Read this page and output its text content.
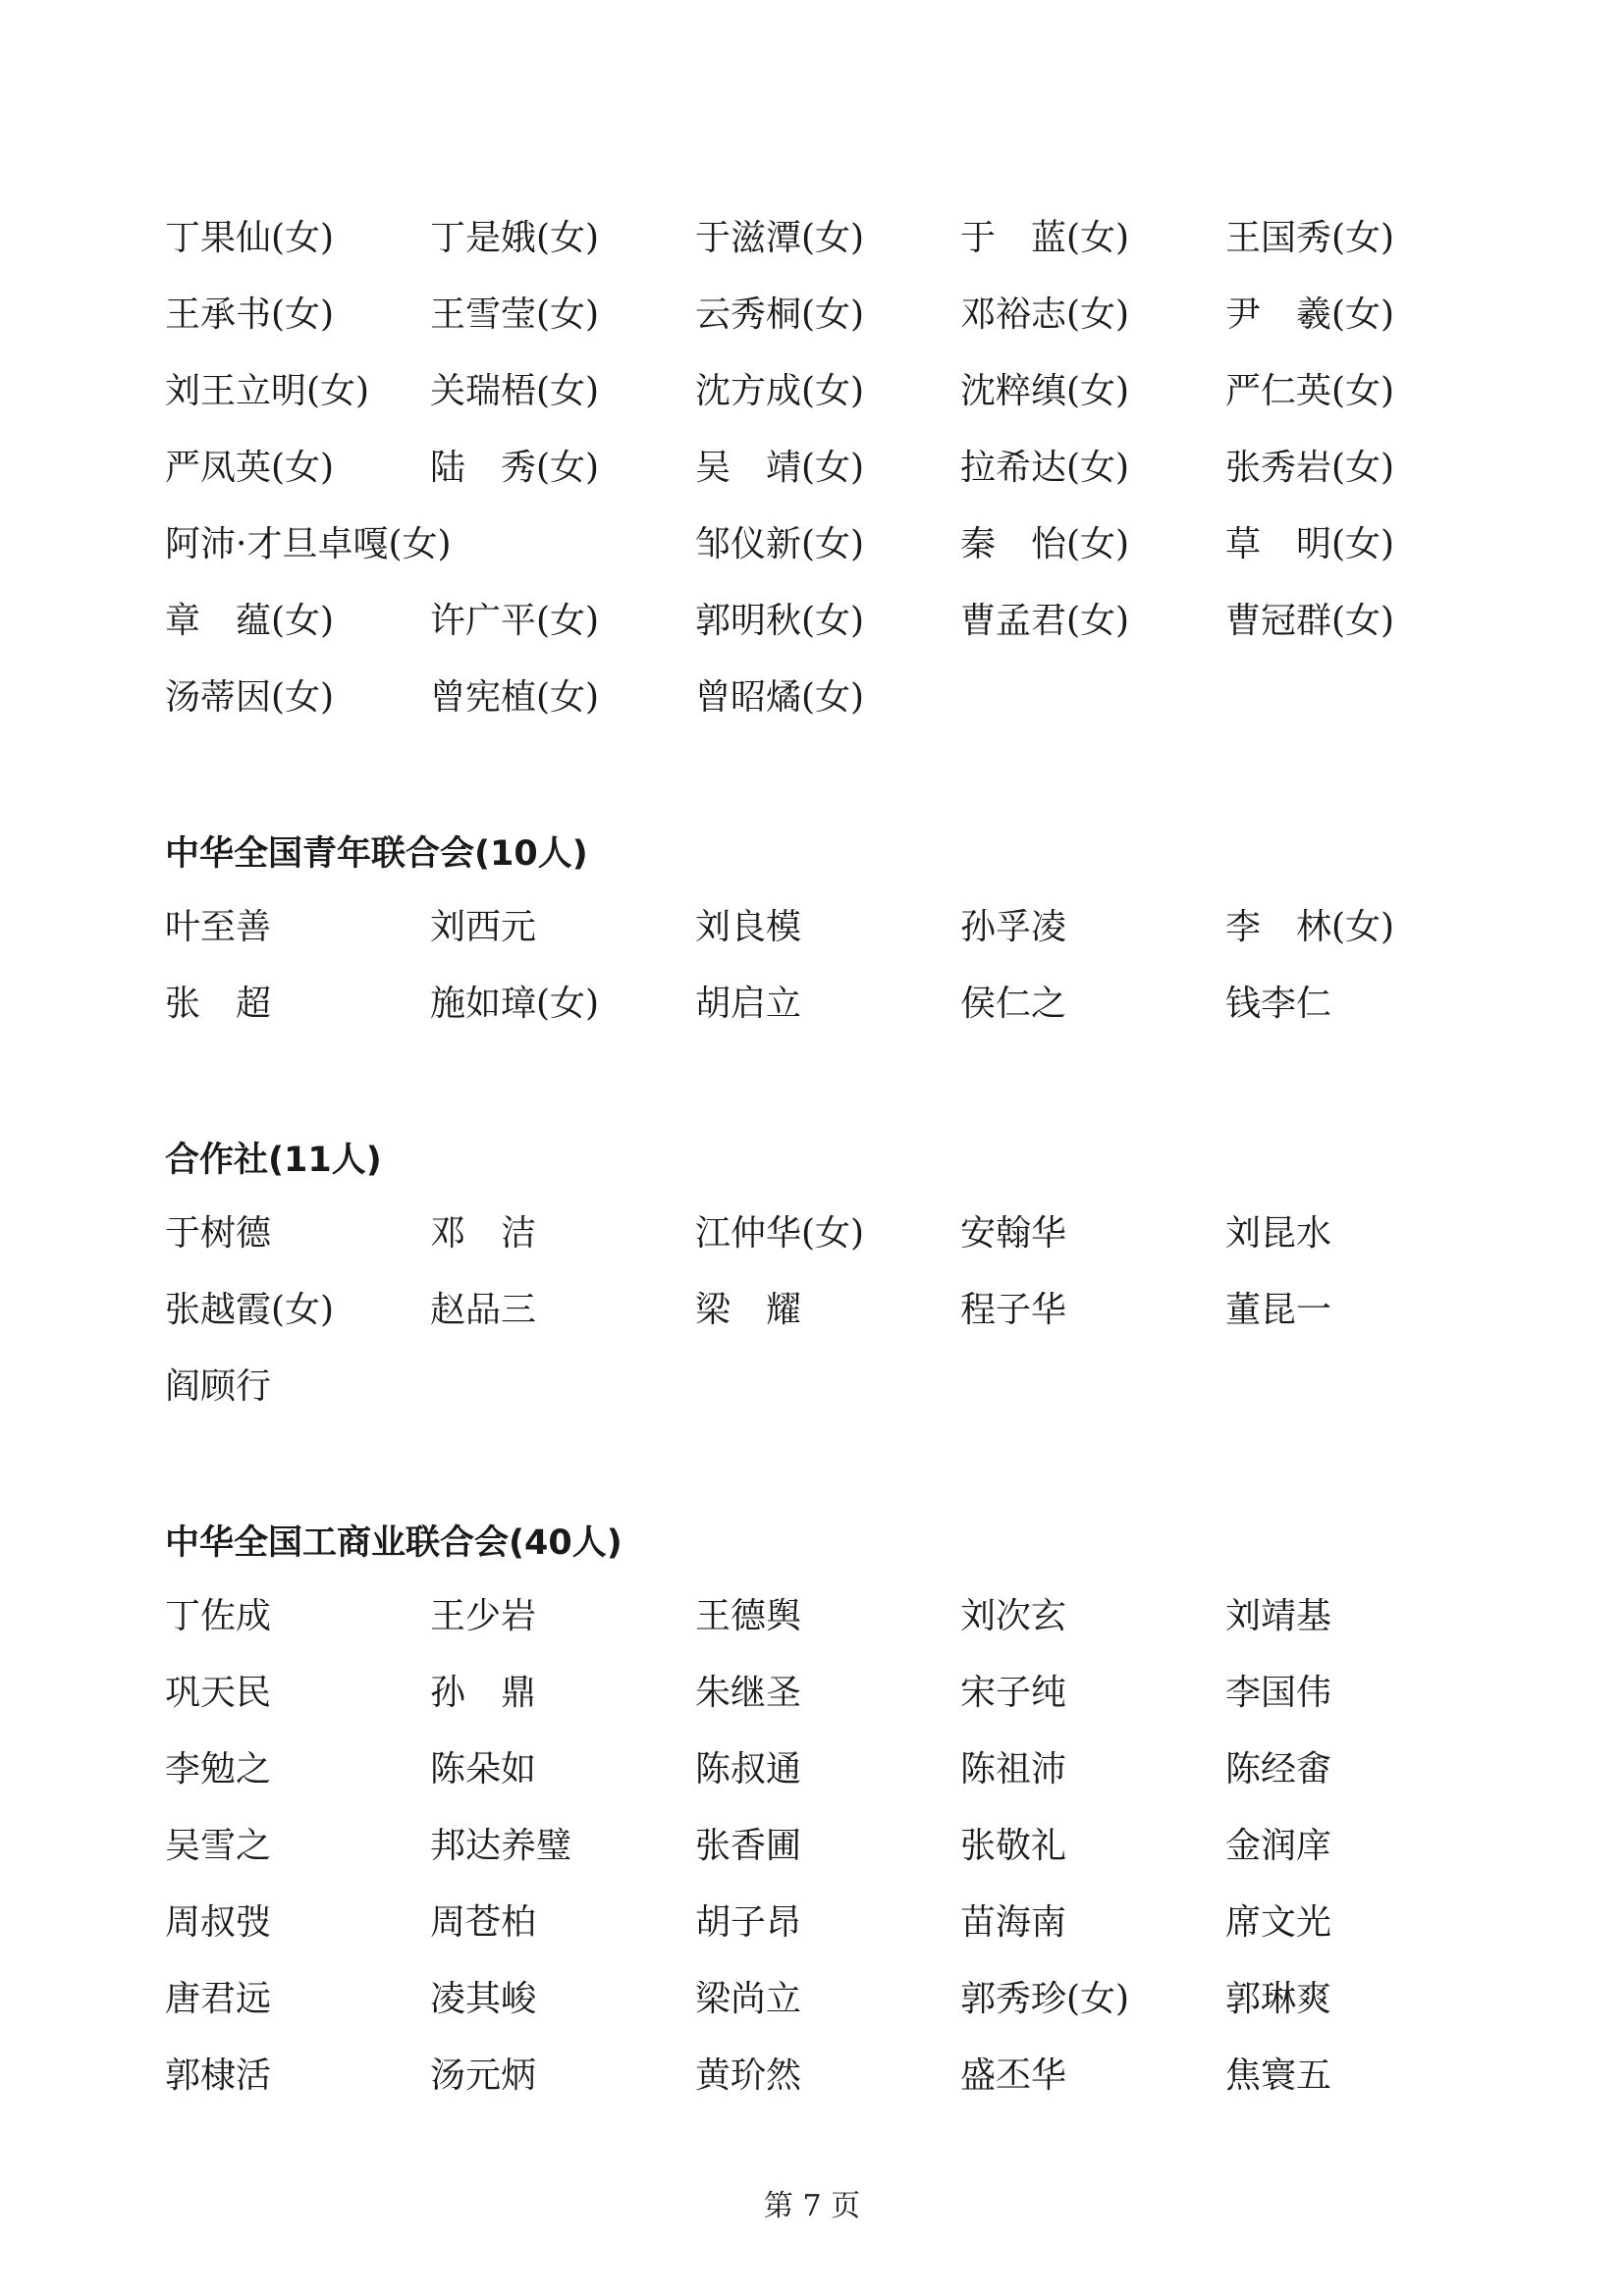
丁果仙(女)	丁是娥(女)	于滋潭(女)	于　蓝(女)	王国秀(女)
王承书(女)	王雪莹(女)	云秀桐(女)	邓裕志(女)	尹　羲(女)
刘王立明(女)	关瑞梧(女)	沈方成(女)	沈粹缜(女)	严仁英(女)
严凤英(女)	陆　秀(女)	吴　靖(女)	拉希达(女)	张秀岩(女)
阿沛·才旦卓嘎(女)	邹仪新(女)	秦　怡(女)	草　明(女)
章　蕴(女)	许广平(女)	郭明秋(女)	曹孟君(女)	曹冠群(女)
汤蒂因(女)	曾宪植(女)	曾昭燏(女)
中华全国青年联合会(10人)
叶至善	刘西元	刘良模	孙孚凌	李　林(女)
张　超	施如璋(女)	胡启立	侯仁之	钱李仁
合作社(11人)
于树德	邓　洁	江仲华(女)	安翰华	刘昆水
张越霞(女)	赵品三	梁　耀	程子华	董昆一
阎顾行
中华全国工商业联合会(40人)
丁佐成	王少岩	王德舆	刘次玄	刘靖基
巩天民	孙　鼎	朱继圣	宋子纯	李国伟
李勉之	陈朵如	陈叔通	陈祖沛	陈经畬
吴雪之	邦达养璧	张香圃	张敬礼	金润庠
周叔弢	周苍柏	胡子昂	苗海南	席文光
唐君远	凌其峻	梁尚立	郭秀珍(女)	郭琳爽
郭棣活	汤元炳	黄玠然	盛丕华	焦寰五
第 7 页
